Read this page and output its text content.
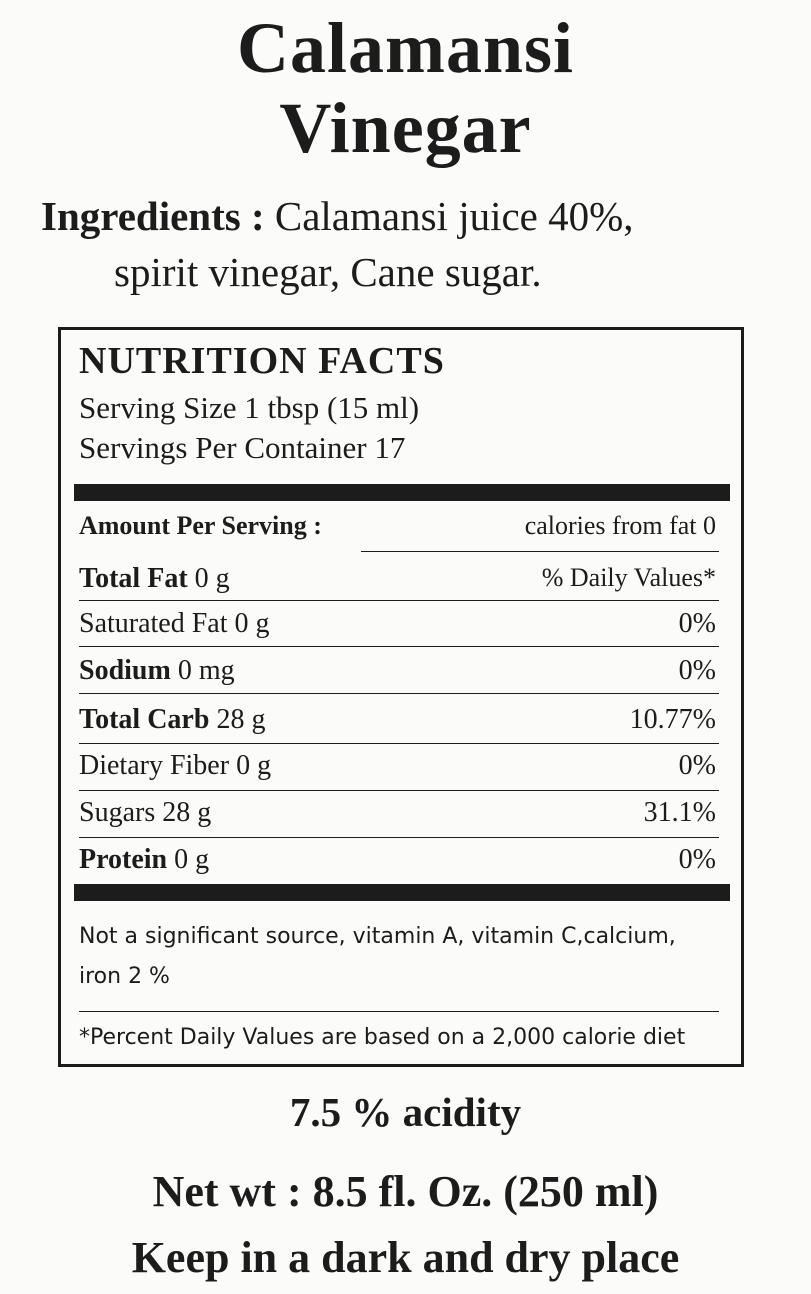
Calamansi
Vinegar
Ingredients : Calamansi juice 40%,
spirit vinegar, Cane sugar.
NUTRITION FACTS
Serving Size 1 tbsp (15 ml)
Servings Per Container 17
Amount Per Serving :	calories from fat 0
Total Fat 0 g	% Daily Values*
Saturated Fat 0 g	0%
Sodium 0 mg	0%
Total Carb 28 g	10.77%
Dietary Fiber 0 g	0%
Sugars 28 g	31.1%
Protein 0 g	0%
Not a significant source, vitamin A, vitamin C,calcium,
iron 2 %
*Percent Daily Values are based on a 2,000 calorie diet
7.5 % acidity
Net wt : 8.5 fl. Oz. (250 ml)
Keep in a dark and dry place
